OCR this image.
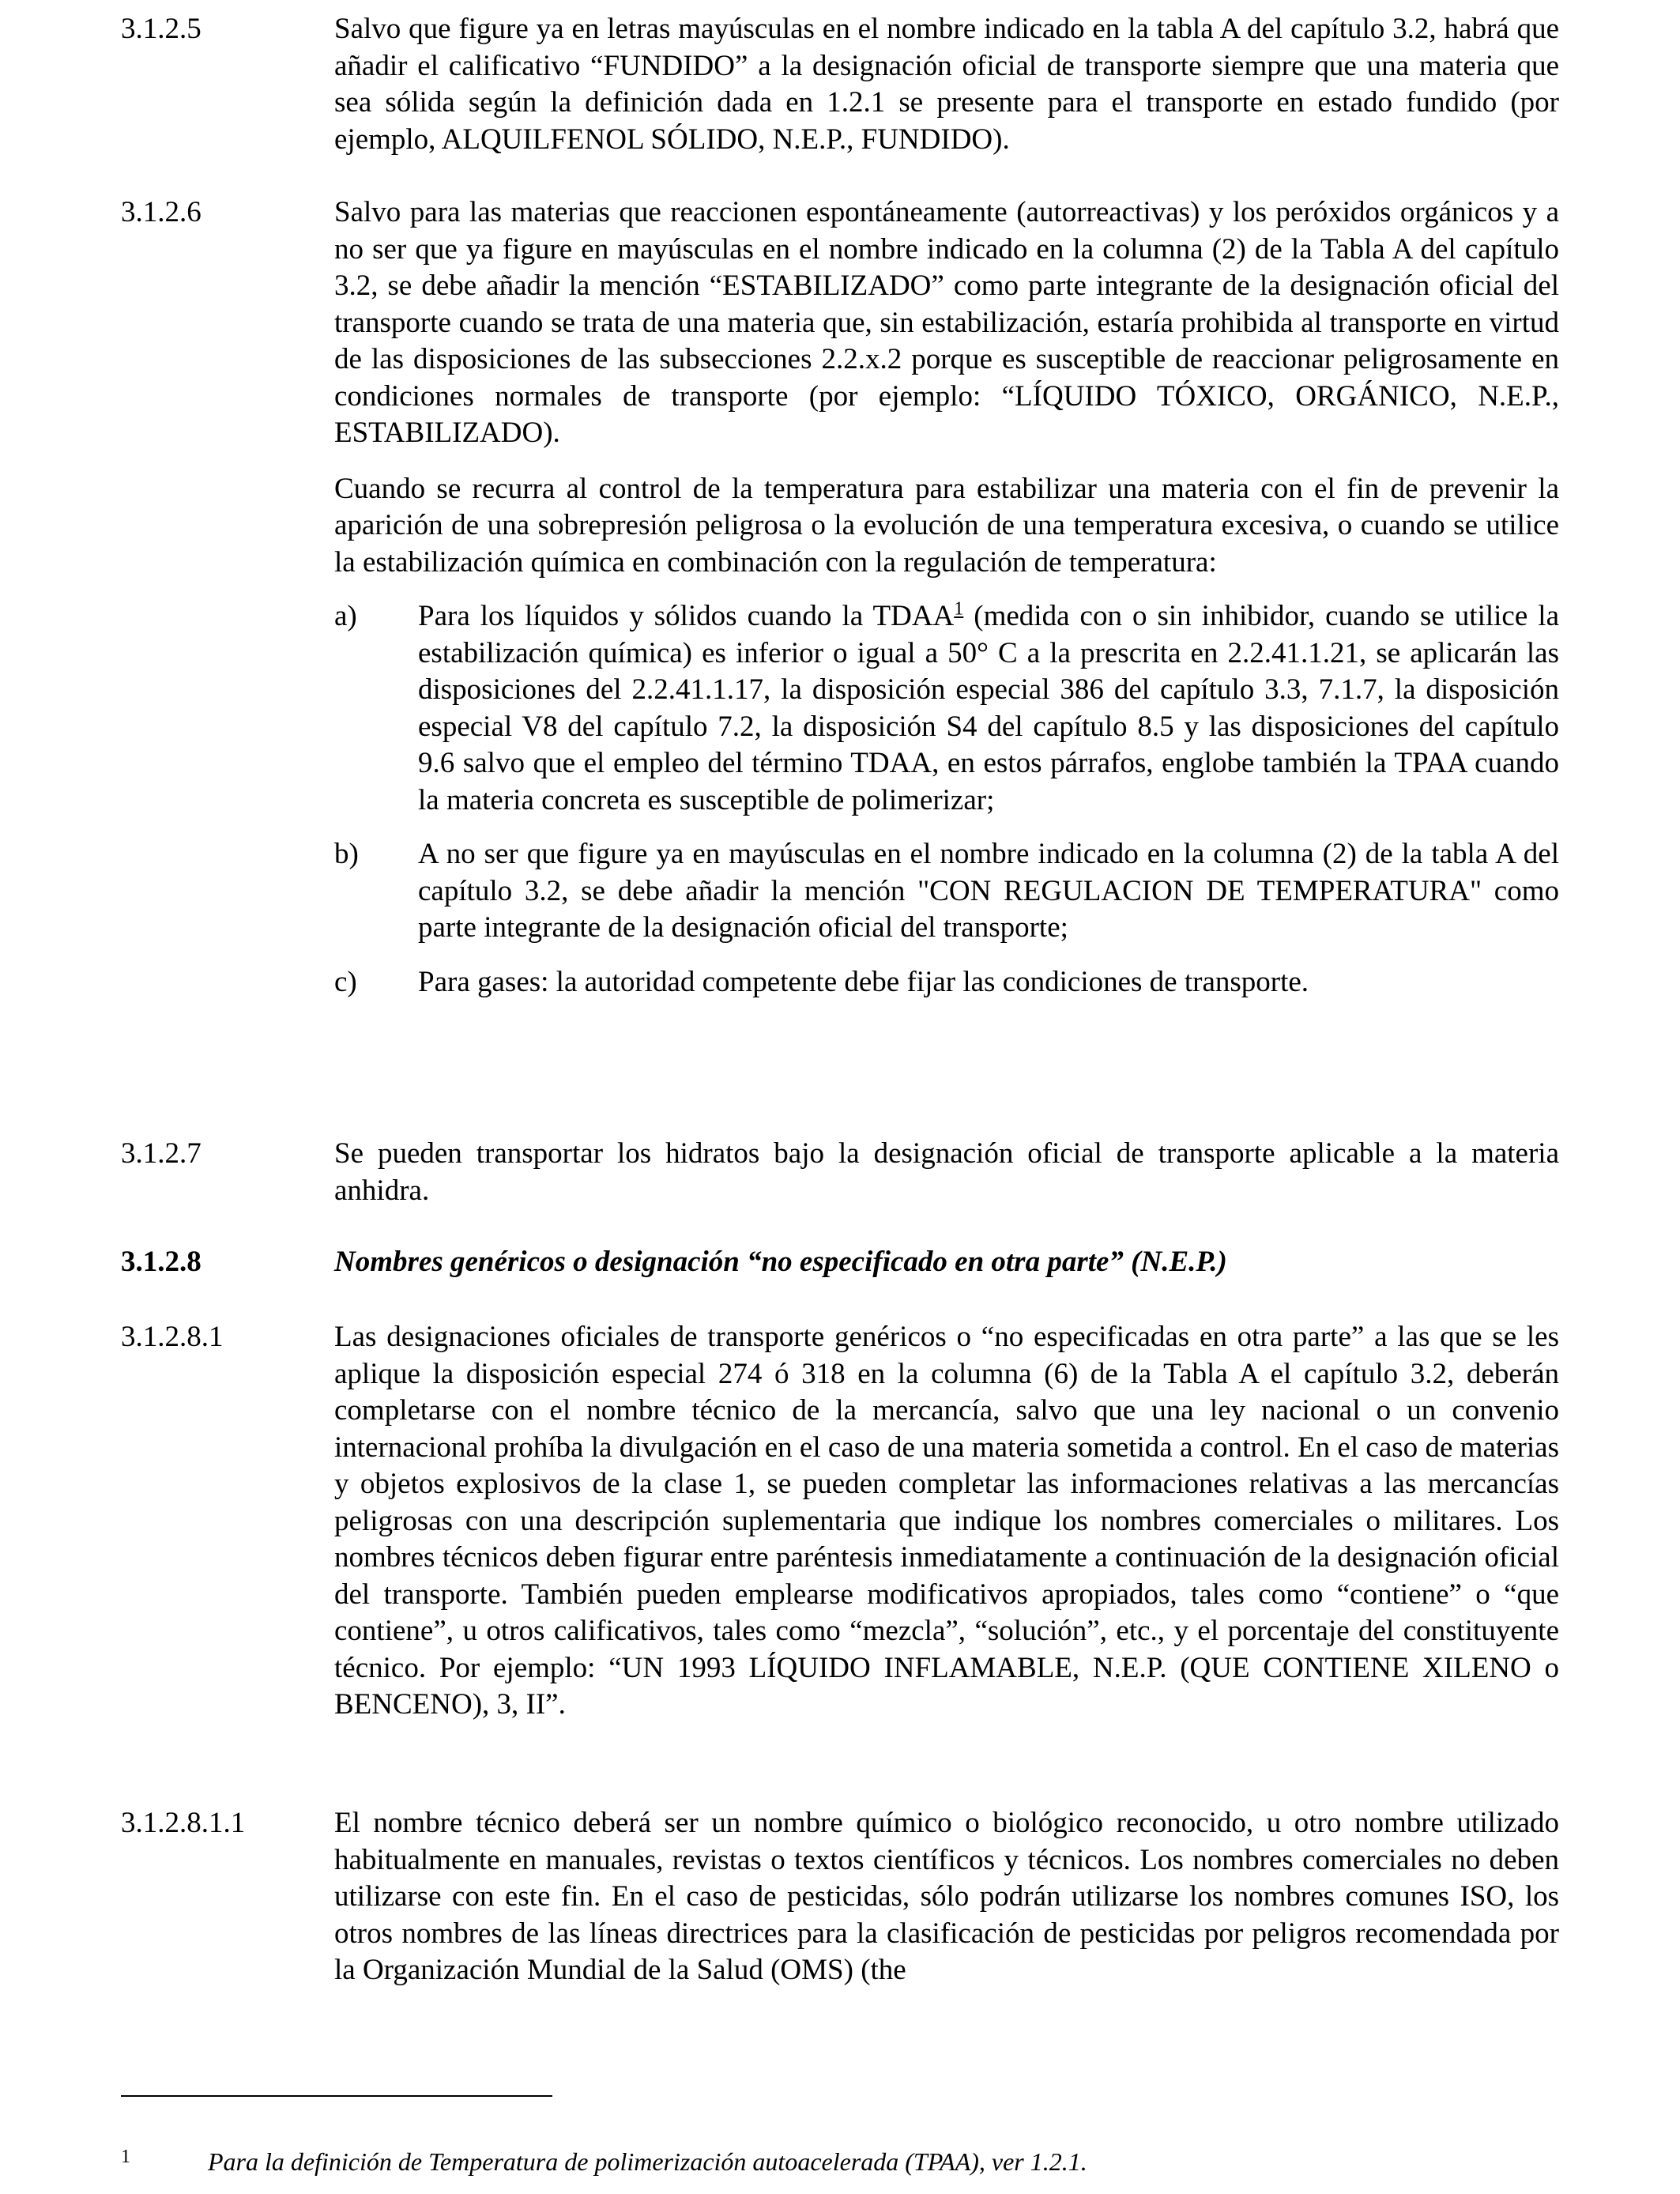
3.1.2.5	Salvo que figure ya en letras mayúsculas en el nombre indicado en la tabla A del capítulo 3.2, habrá que añadir el calificativo “FUNDIDO” a la designación oficial de transporte siempre que una materia que sea sólida según la definición dada en 1.2.1 se presente para el transporte en estado fundido (por ejemplo, ALQUILFENOL SÓLIDO, N.E.P., FUNDIDO).

3.1.2.6	Salvo para las materias que reaccionen espontáneamente (autorreactivas) y los peróxidos orgánicos y a no ser que ya figure en mayúsculas en el nombre indicado en la columna (2) de la Tabla A del capítulo 3.2, se debe añadir la mención “ESTABILIZADO” como parte integrante de la designación oficial del transporte cuando se trata de una materia que, sin estabilización, estaría prohibida al transporte en virtud de las disposiciones de las subsecciones 2.2.x.2 porque es susceptible de reaccionar peligrosamente en condiciones normales de transporte (por ejemplo: “LÍQUIDO TÓXICO, ORGÁNICO, N.E.P., ESTABILIZADO).

Cuando se recurra al control de la temperatura para estabilizar una materia con el fin de prevenir la aparición de una sobrepresión peligrosa o la evolución de una temperatura excesiva, o cuando se utilice la estabilización química en combinación con la regulación de temperatura:

a) Para los líquidos y sólidos cuando la TDAA$^1$ (medida con o sin inhibidor, cuando se utilice la estabilización química) es inferior o igual a 50° C a la prescrita en 2.2.41.1.21, se aplicarán las disposiciones del 2.2.41.1.17, la disposición especial 386 del capítulo 3.3, 7.1.7, la disposición especial V8 del capítulo 7.2, la disposición S4 del capítulo 8.5 y las disposiciones del capítulo 9.6 salvo que el empleo del término TDAA, en estos párrafos, englobe también la TPAA cuando la materia concreta es susceptible de polimerizar;
b) A no ser que figure ya en mayúsculas en el nombre indicado en la columna (2) de la tabla A del capítulo 3.2, se debe añadir la mención "CON REGULACION DE TEMPERATURA" como parte integrante de la designación oficial del transporte;
c) Para gases: la autoridad competente debe fijar las condiciones de transporte.
3.1.2.7	Se pueden transportar los hidratos bajo la designación oficial de transporte aplicable a la materia anhidra.

3.1.2.8	Nombres genéricos o designación “no especificado en otra parte” (N.E.P.)

3.1.2.8.1	Las designaciones oficiales de transporte genéricos o “no especificadas en otra parte” a las que se les aplique la disposición especial 274 ó 318 en la columna (6) de la Tabla A el capítulo 3.2, deberán completarse con el nombre técnico de la mercancía, salvo que una ley nacional o un convenio internacional prohíba la divulgación en el caso de una materia sometida a control. En el caso de materias y objetos explosivos de la clase 1, se pueden completar las informaciones relativas a las mercancías peligrosas con una descripción suplementaria que indique los nombres comerciales o militares. Los nombres técnicos deben figurar entre paréntesis inmediatamente a continuación de la designación oficial del transporte. También pueden emplearse modificativos apropiados, tales como “contiene” o “que contiene”, u otros calificativos, tales como “mezcla”, “solución”, etc., y el porcentaje del constituyente técnico. Por ejemplo: “UN 1993 LÍQUIDO INFLAMABLE, N.E.P. (QUE CONTIENE XILENO o BENCENO), 3, II”.

3.1.2.8.1.1	El nombre técnico deberá ser un nombre químico o biológico reconocido, u otro nombre utilizado habitualmente en manuales, revistas o textos científicos y técnicos. Los nombres comerciales no deben utilizarse con este fin. En el caso de pesticidas, sólo podrán utilizarse los nombres comunes ISO, los otros nombres de las líneas directrices para la clasificación de pesticidas por peligros recomendada por la Organización Mundial de la Salud (OMS) (the

1	Para la definición de Temperatura de polimerización autoacelerada (TPAA), ver 1.2.1.
